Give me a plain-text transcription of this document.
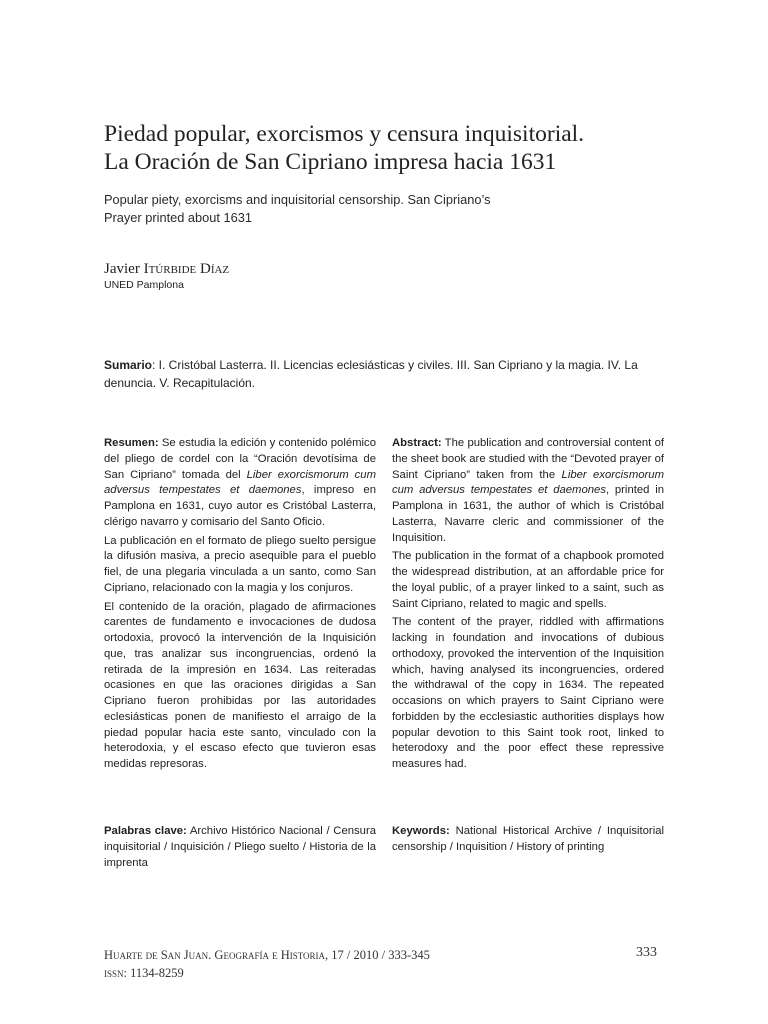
Piedad popular, exorcismos y censura inquisitorial.
La Oración de San Cipriano impresa hacia 1631
Popular piety, exorcisms and inquisitorial censorship. San Cipriano’s
Prayer printed about 1631
Javier Itúrbide Díaz
UNED Pamplona
Sumario: I. Cristóbal Lasterra. II. Licencias eclesiásticas y civiles. III. San Cipriano y la magia. IV. La denuncia. V. Recapitulación.

Resumen: Se estudia la edición y contenido polémico del pliego de cordel con la “Oración devotísima de San Cipriano” tomada del Liber exorcismorum cum adversus tempestates et daemones, impreso en Pamplona en 1631, cuyo autor es Cristóbal Lasterra, clérigo navarro y comisario del Santo Oficio.

La publicación en el formato de pliego suelto persigue la difusión masiva, a precio asequible para el pueblo fiel, de una plegaria vinculada a un santo, como San Cipriano, relacionado con la magia y los conjuros.

El contenido de la oración, plagado de afirmaciones carentes de fundamento e invocaciones de dudosa ortodoxia, provocó la intervención de la Inquisición que, tras analizar sus incongruencias, ordenó la retirada de la impresión en 1634. Las reiteradas ocasiones en que las oraciones dirigidas a San Cipriano fueron prohibidas por las autoridades eclesiásticas ponen de manifiesto el arraigo de la piedad popular hacia este santo, vinculado con la heterodoxia, y el escaso efecto que tuvieron esas medidas represoras.

Abstract: The publication and controversial content of the sheet book are studied with the “Devoted prayer of Saint Cipriano” taken from the Liber exorcismorum cum adversus tempestates et daemones, printed in Pamplona in 1631, the author of which is Cristóbal Lasterra, Navarre cleric and commissioner of the Inquisition.

The publication in the format of a chapbook promoted the widespread distribution, at an affordable price for the loyal public, of a prayer linked to a saint, such as Saint Cipriano, related to magic and spells.

The content of the prayer, riddled with affirmations lacking in foundation and invocations of dubious orthodoxy, provoked the intervention of the Inquisition which, having analysed its incongruencies, ordered the withdrawal of the copy in 1634. The repeated occasions on which prayers to Saint Cipriano were forbidden by the ecclesiastic authorities displays how popular devotion to this Saint took root, linked to heterodoxy and the poor effect these repressive measures had.

Palabras clave: Archivo Histórico Nacional / Censura inquisitorial / Inquisición / Pliego suelto / Historia de la imprenta
Keywords: National Historical Archive / Inquisitorial censorship / Inquisition / History of printing
Huarte de San Juan. Geografía e Historia, 17 / 2010 / 333-345
issn: 1134-8259
333
